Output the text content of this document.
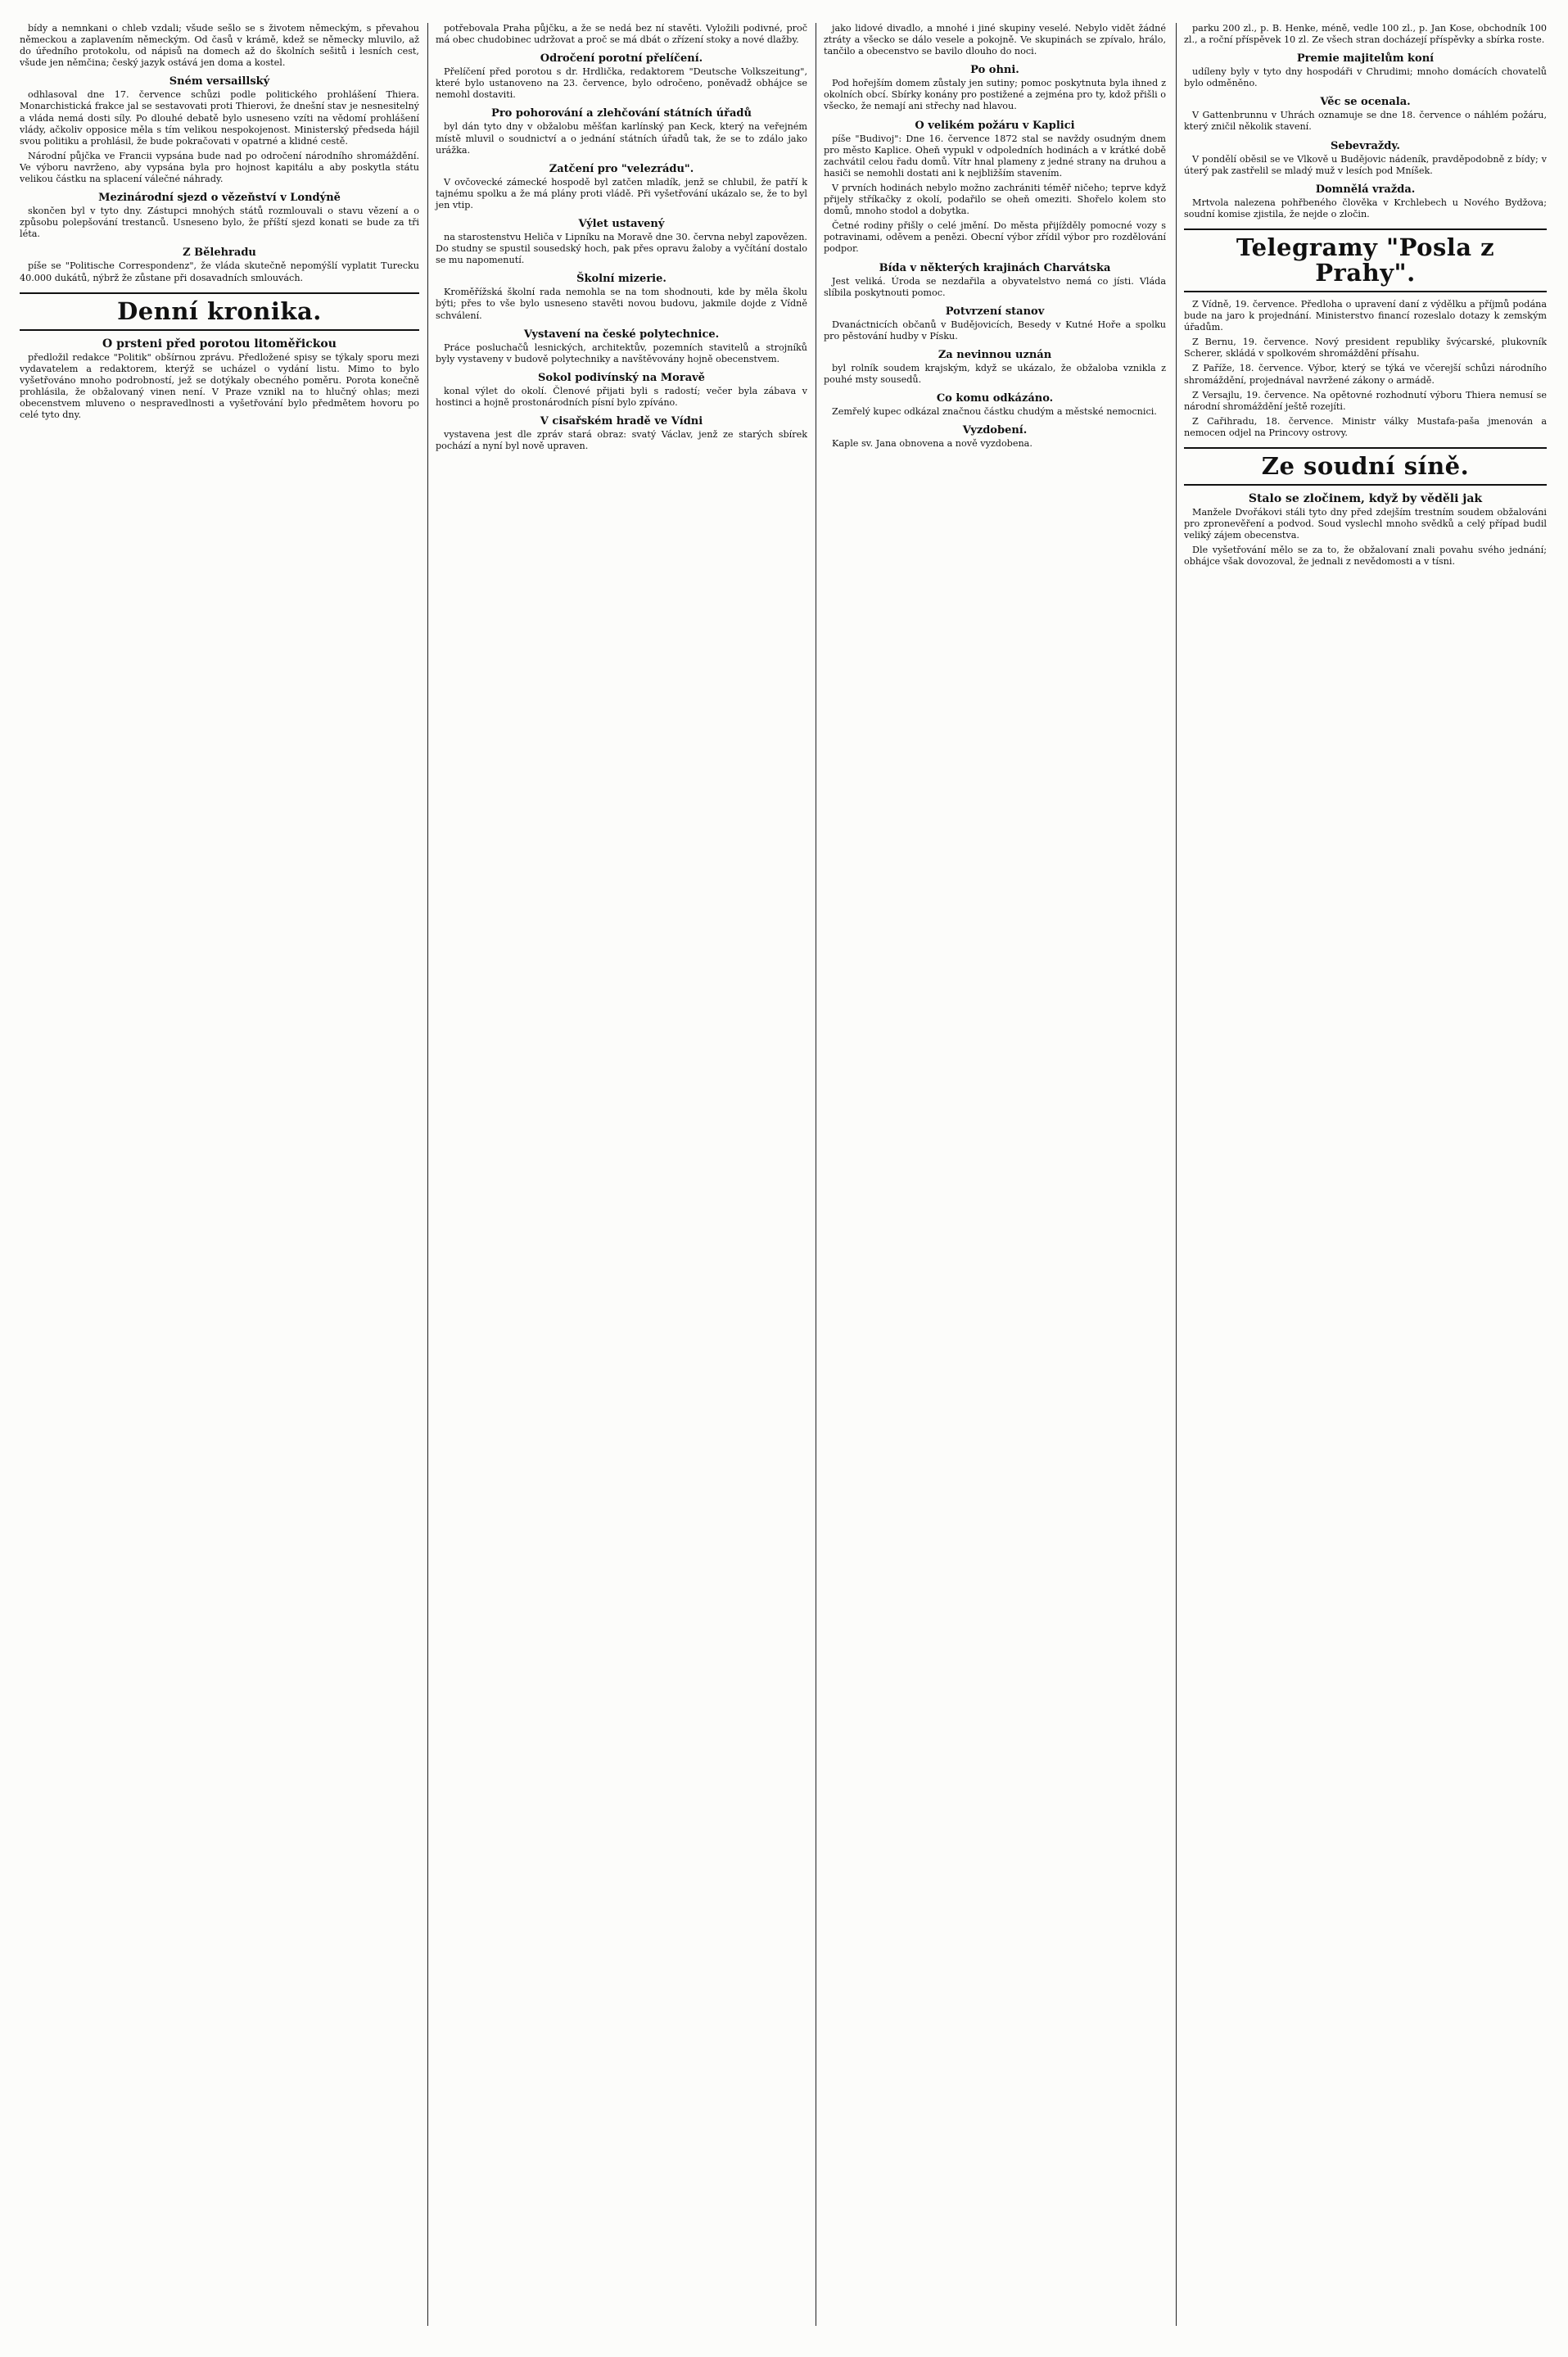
bídy a nemnkani o chleb vzdali; všude sešlo se s životem německým, s převahou německou a zaplavením německým. Od časů v krámě, kdež se německy mluvilo, až do úředního protokolu, od nápisů na domech až do školních sešitů i lesních cest, všude jen němčina; český jazyk ostává jen doma a kostel.

Sném versaillský

odhlasoval dne 17. července schůzi podle politického prohlášení Thiera. Monarchistická frakce jal se sestavovati proti Thierovi, že dnešní stav je nesnesitelný a vláda nemá dosti síly. Po dlouhé debatě bylo usneseno vzíti na vědomí prohlášení vlády, ačkoliv opposice měla s tím velikou nespokojenost. Ministerský předseda hájil svou politiku a prohlásil, že bude pokračovati v opatrné a klidné cestě.

Národní půjčka ve Francii vypsána bude nad po odročení národního shromáždění. Ve výboru navrženo, aby vypsána byla pro hojnost kapitálu a aby poskytla státu velikou částku na splacení válečné náhrady.

Mezinárodní sjezd o vězeňství v Londýně

skončen byl v tyto dny. Zástupci mnohých států rozmlouvali o stavu vězení a o způsobu polepšování trestanců. Usneseno bylo, že příští sjezd konati se bude za tři léta.

Z Bělehradu

píše se "Politische Correspondenz", že vláda skutečně nepomýšlí vyplatit Turecku 40.000 dukátů, nýbrž že zůstane při dosavadních smlouvách.

Denní kronika.
O prsteni před porotou litoměřickou

předložil redakce "Politik" obšírnou zprávu. Předložené spisy se týkaly sporu mezi vydavatelem a redaktorem, kterýž se ucházel o vydání listu. Mimo to bylo vyšetřováno mnoho podrobností, jež se dotýkaly obecného poměru. Porota konečně prohlásila, že obžalovaný vinen není. V Praze vznikl na to hlučný ohlas; mezi obecenstvem mluveno o nespravedlnosti a vyšetřování bylo předmětem hovoru po celé tyto dny.

potřebovala Praha půjčku, a že se nedá bez ní stavěti. Vyložili podivné, proč má obec chudobinec udržovat a proč se má dbát o zřízení stoky a nové dlažby.

Odročení porotní přelíčení.

Přelíčení před porotou s dr. Hrdlička, redaktorem "Deutsche Volkszeitung", které bylo ustanoveno na 23. července, bylo odročeno, poněvadž obhájce se nemohl dostaviti.

Pro pohorování a zlehčování státních úřadů

byl dán tyto dny v obžalobu měšťan karlínský pan Keck, který na veřejném místě mluvil o soudnictví a o jednání státních úřadů tak, že se to zdálo jako urážka.

Zatčení pro "velezrádu".

V ovčovecké zámecké hospodě byl zatčen mladík, jenž se chlubil, že patří k tajnému spolku a že má plány proti vládě. Při vyšetřování ukázalo se, že to byl jen vtip.

Výlet ustavený

na starostenstvu Heliča v Lipníku na Moravě dne 30. června nebyl zapovězen. Do studny se spustil sousedský hoch, pak přes opravu žaloby a vyčítání dostalo se mu napomenutí.

Školní mizerie.

Kroměřížská školní rada nemohla se na tom shodnouti, kde by měla školu býti; přes to vše bylo usneseno stavěti novou budovu, jakmile dojde z Vídně schválení.

Vystavení na české polytechnice.

Práce posluchačů lesnických, architektův, pozemních stavitelů a strojníků byly vystaveny v budově polytechniky a navštěvovány hojně obecenstvem.

Sokol podivínský na Moravě

konal výlet do okolí. Členové přijati byli s radostí; večer byla zábava v hostinci a hojně prostonárodních písní bylo zpíváno.

V cisařském hradě ve Vídni

vystavena jest dle zpráv stará obraz: svatý Václav, jenž ze starých sbírek pochází a nyní byl nově upraven.

jako lidové divadlo, a mnohé i jiné skupiny veselé. Nebylo vidět žádné ztráty a všecko se dálo vesele a pokojně. Ve skupinách se zpívalo, hrálo, tančilo a obecenstvo se bavilo dlouho do noci.

Po ohni.

Pod hořejším domem zůstaly jen sutiny; pomoc poskytnuta byla ihned z okolních obcí. Sbírky konány pro postižené a zejména pro ty, kdož přišli o všecko, že nemají ani střechy nad hlavou.

O velikém požáru v Kaplici

píše "Budivoj": Dne 16. července 1872 stal se navždy osudným dnem pro město Kaplice. Oheň vypukl v odpoledních hodinách a v krátké době zachvátil celou řadu domů. Vítr hnal plameny z jedné strany na druhou a hasiči se nemohli dostati ani k nejbližším stavením.

V prvních hodinách nebylo možno zachrániti téměř ničeho; teprve když přijely stříkačky z okolí, podařilo se oheň omeziti. Shořelo kolem sto domů, mnoho stodol a dobytka.

Četné rodiny přišly o celé jmění. Do města přijížděly pomocné vozy s potravinami, oděvem a penězi. Obecní výbor zřídil výbor pro rozdělování podpor.

Bída v některých krajinách Charvátska

Jest veliká. Úroda se nezdařila a obyvatelstvo nemá co jísti. Vláda slíbila poskytnouti pomoc.

Potvrzení stanov

Dvanáctnicích občanů v Budějovicích, Besedy v Kutné Hoře a spolku pro pěstování hudby v Písku.

Za nevinnou uznán

byl rolník soudem krajským, když se ukázalo, že obžaloba vznikla z pouhé msty sousedů.

Co komu odkázáno.

Zemřelý kupec odkázal značnou částku chudým a městské nemocnici.

Vyzdobení.

Kaple sv. Jana obnovena a nově vyzdobena.

parku 200 zl., p. B. Henke, méně, vedle 100 zl., p. Jan Kose, obchodník 100 zl., a roční příspěvek 10 zl. Ze všech stran docházejí příspěvky a sbírka roste.

Premie majitelům koní

udíleny byly v tyto dny hospodáři v Chrudimi; mnoho domácích chovatelů bylo odměněno.

Věc se ocenala.

V Gattenbrunnu v Uhrách oznamuje se dne 18. července o náhlém požáru, který zničil několik stavení.

Sebevraždy.

V pondělí oběsil se ve Vlkově u Budějovic nádeník, pravděpodobně z bídy; v úterý pak zastřelil se mladý muž v lesích pod Mníšek.

Domnělá vražda.

Mrtvola nalezena pohřbeného člověka v Krchlebech u Nového Bydžova; soudní komise zjistila, že nejde o zločin.

Telegramy "Posla z Prahy".

Z Vídně, 19. července. Předloha o upravení daní z výdělku a příjmů podána bude na jaro k projednání. Ministerstvo financí rozeslalo dotazy k zemským úřadům.

Z Bernu, 19. července. Nový president republiky švýcarské, plukovník Scherer, skládá v spolkovém shromáždění přísahu.

Z Paříže, 18. července. Výbor, který se týká ve včerejší schůzi národního shromáždění, projednával navržené zákony o armádě.

Z Versajlu, 19. července. Na opětovné rozhodnutí výboru Thiera nemusí se národní shromáždění ještě rozejíti.

Z Cařihradu, 18. července. Ministr války Mustafa-paša jmenován a nemocen odjel na Princovy ostrovy.

Ze soudní síně.
Stalo se zločinem, když by věděli jak

Manžele Dvořákovi stáli tyto dny před zdejším trestním soudem obžalováni pro zpronevěření a podvod. Soud vyslechl mnoho svědků a celý případ budil veliký zájem obecenstva.

Dle vyšetřování mělo se za to, že obžalovaní znali povahu svého jednání; obhájce však dovozoval, že jednali z nevědomosti a v tísni.
